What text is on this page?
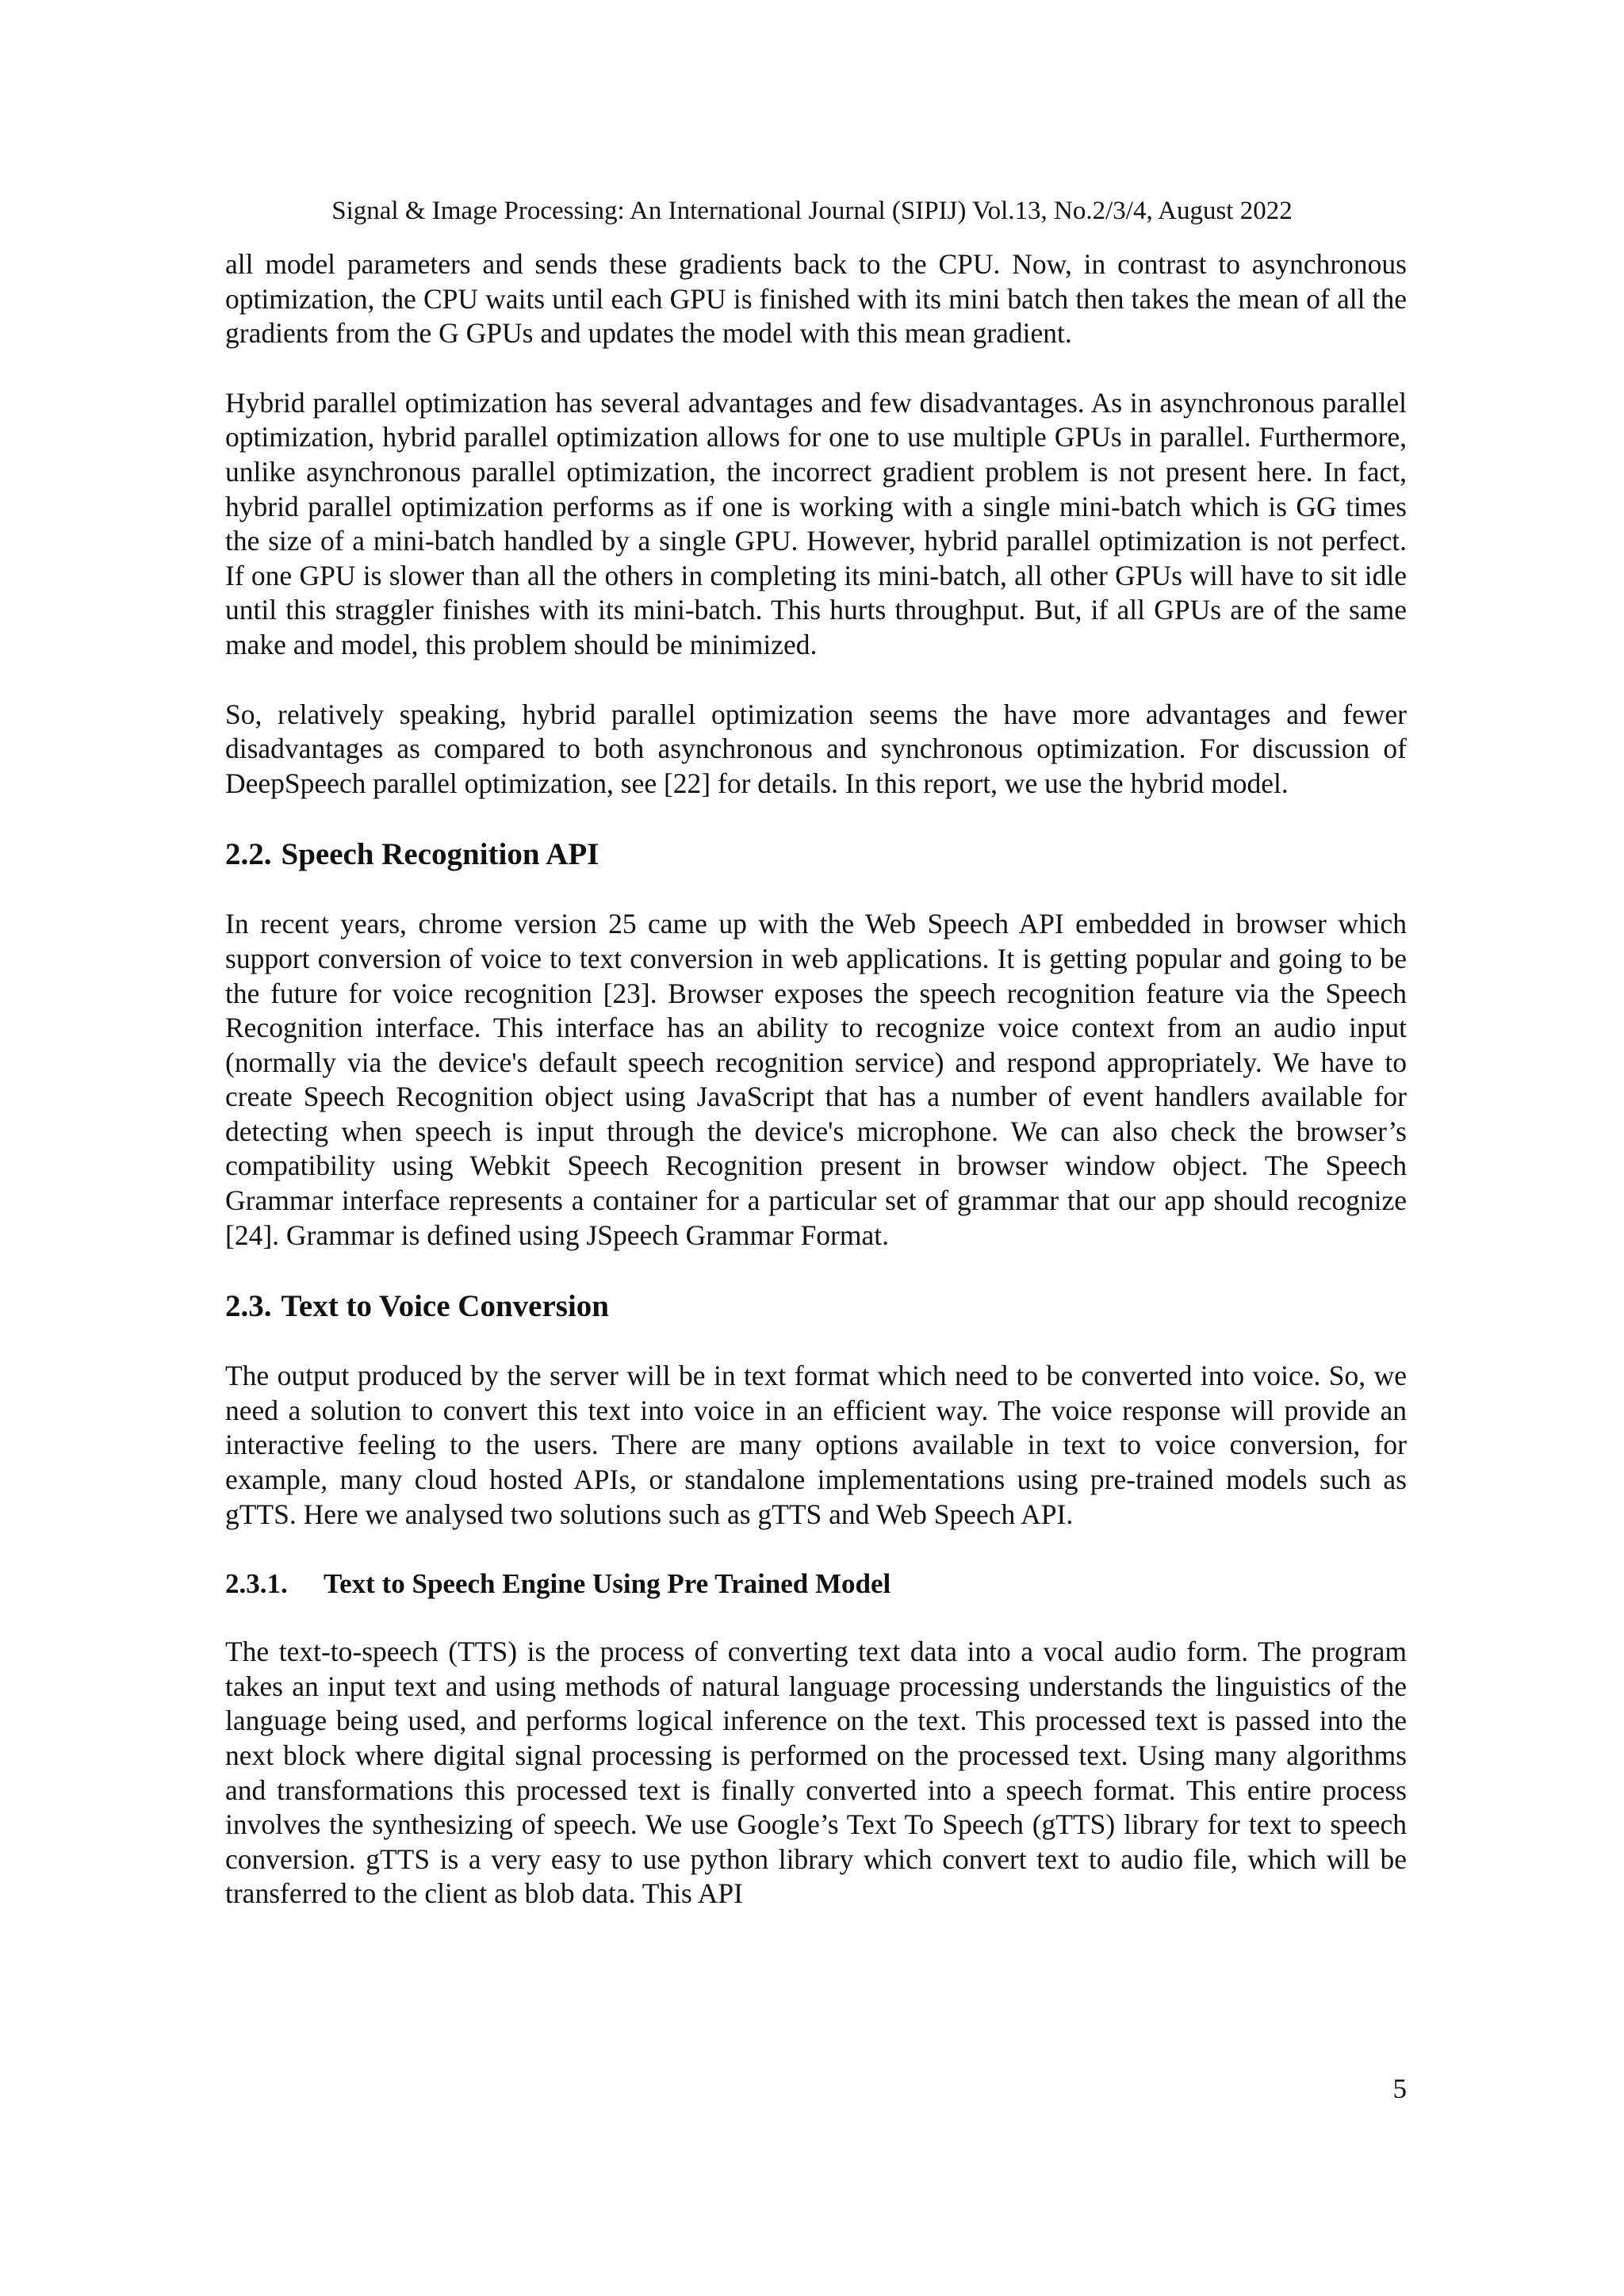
Signal & Image Processing: An International Journal (SIPIJ) Vol.13, No.2/3/4, August 2022

all model parameters and sends these gradients back to the CPU. Now, in contrast to asynchronous optimization, the CPU waits until each GPU is finished with its mini batch then takes the mean of all the gradients from the G GPUs and updates the model with this mean gradient.

Hybrid parallel optimization has several advantages and few disadvantages. As in asynchronous parallel optimization, hybrid parallel optimization allows for one to use multiple GPUs in parallel. Furthermore, unlike asynchronous parallel optimization, the incorrect gradient problem is not present here. In fact, hybrid parallel optimization performs as if one is working with a single mini-batch which is GG times the size of a mini-batch handled by a single GPU. However, hybrid parallel optimization is not perfect. If one GPU is slower than all the others in completing its mini-batch, all other GPUs will have to sit idle until this straggler finishes with its mini-batch. This hurts throughput. But, if all GPUs are of the same make and model, this problem should be minimized.

So, relatively speaking, hybrid parallel optimization seems the have more advantages and fewer disadvantages as compared to both asynchronous and synchronous optimization. For discussion of DeepSpeech parallel optimization, see [22] for details. In this report, we use the hybrid model.

2.2. Speech Recognition API

In recent years, chrome version 25 came up with the Web Speech API embedded in browser which support conversion of voice to text conversion in web applications. It is getting popular and going to be the future for voice recognition [23]. Browser exposes the speech recognition feature via the Speech Recognition interface. This interface has an ability to recognize voice context from an audio input (normally via the device's default speech recognition service) and respond appropriately. We have to create Speech Recognition object using JavaScript that has a number of event handlers available for detecting when speech is input through the device's microphone. We can also check the browser’s compatibility using Webkit Speech Recognition present in browser window object. The Speech Grammar interface represents a container for a particular set of grammar that our app should recognize [24]. Grammar is defined using JSpeech Grammar Format.

2.3. Text to Voice Conversion

The output produced by the server will be in text format which need to be converted into voice. So, we need a solution to convert this text into voice in an efficient way. The voice response will provide an interactive feeling to the users. There are many options available in text to voice conversion, for example, many cloud hosted APIs, or standalone implementations using pre-trained models such as gTTS. Here we analysed two solutions such as gTTS and Web Speech API.

2.3.1. Text to Speech Engine Using Pre Trained Model

The text-to-speech (TTS) is the process of converting text data into a vocal audio form. The program takes an input text and using methods of natural language processing understands the linguistics of the language being used, and performs logical inference on the text. This processed text is passed into the next block where digital signal processing is performed on the processed text. Using many algorithms and transformations this processed text is finally converted into a speech format. This entire process involves the synthesizing of speech. We use Google’s Text To Speech (gTTS) library for text to speech conversion. gTTS is a very easy to use python library which convert text to audio file, which will be transferred to the client as blob data. This API

5
